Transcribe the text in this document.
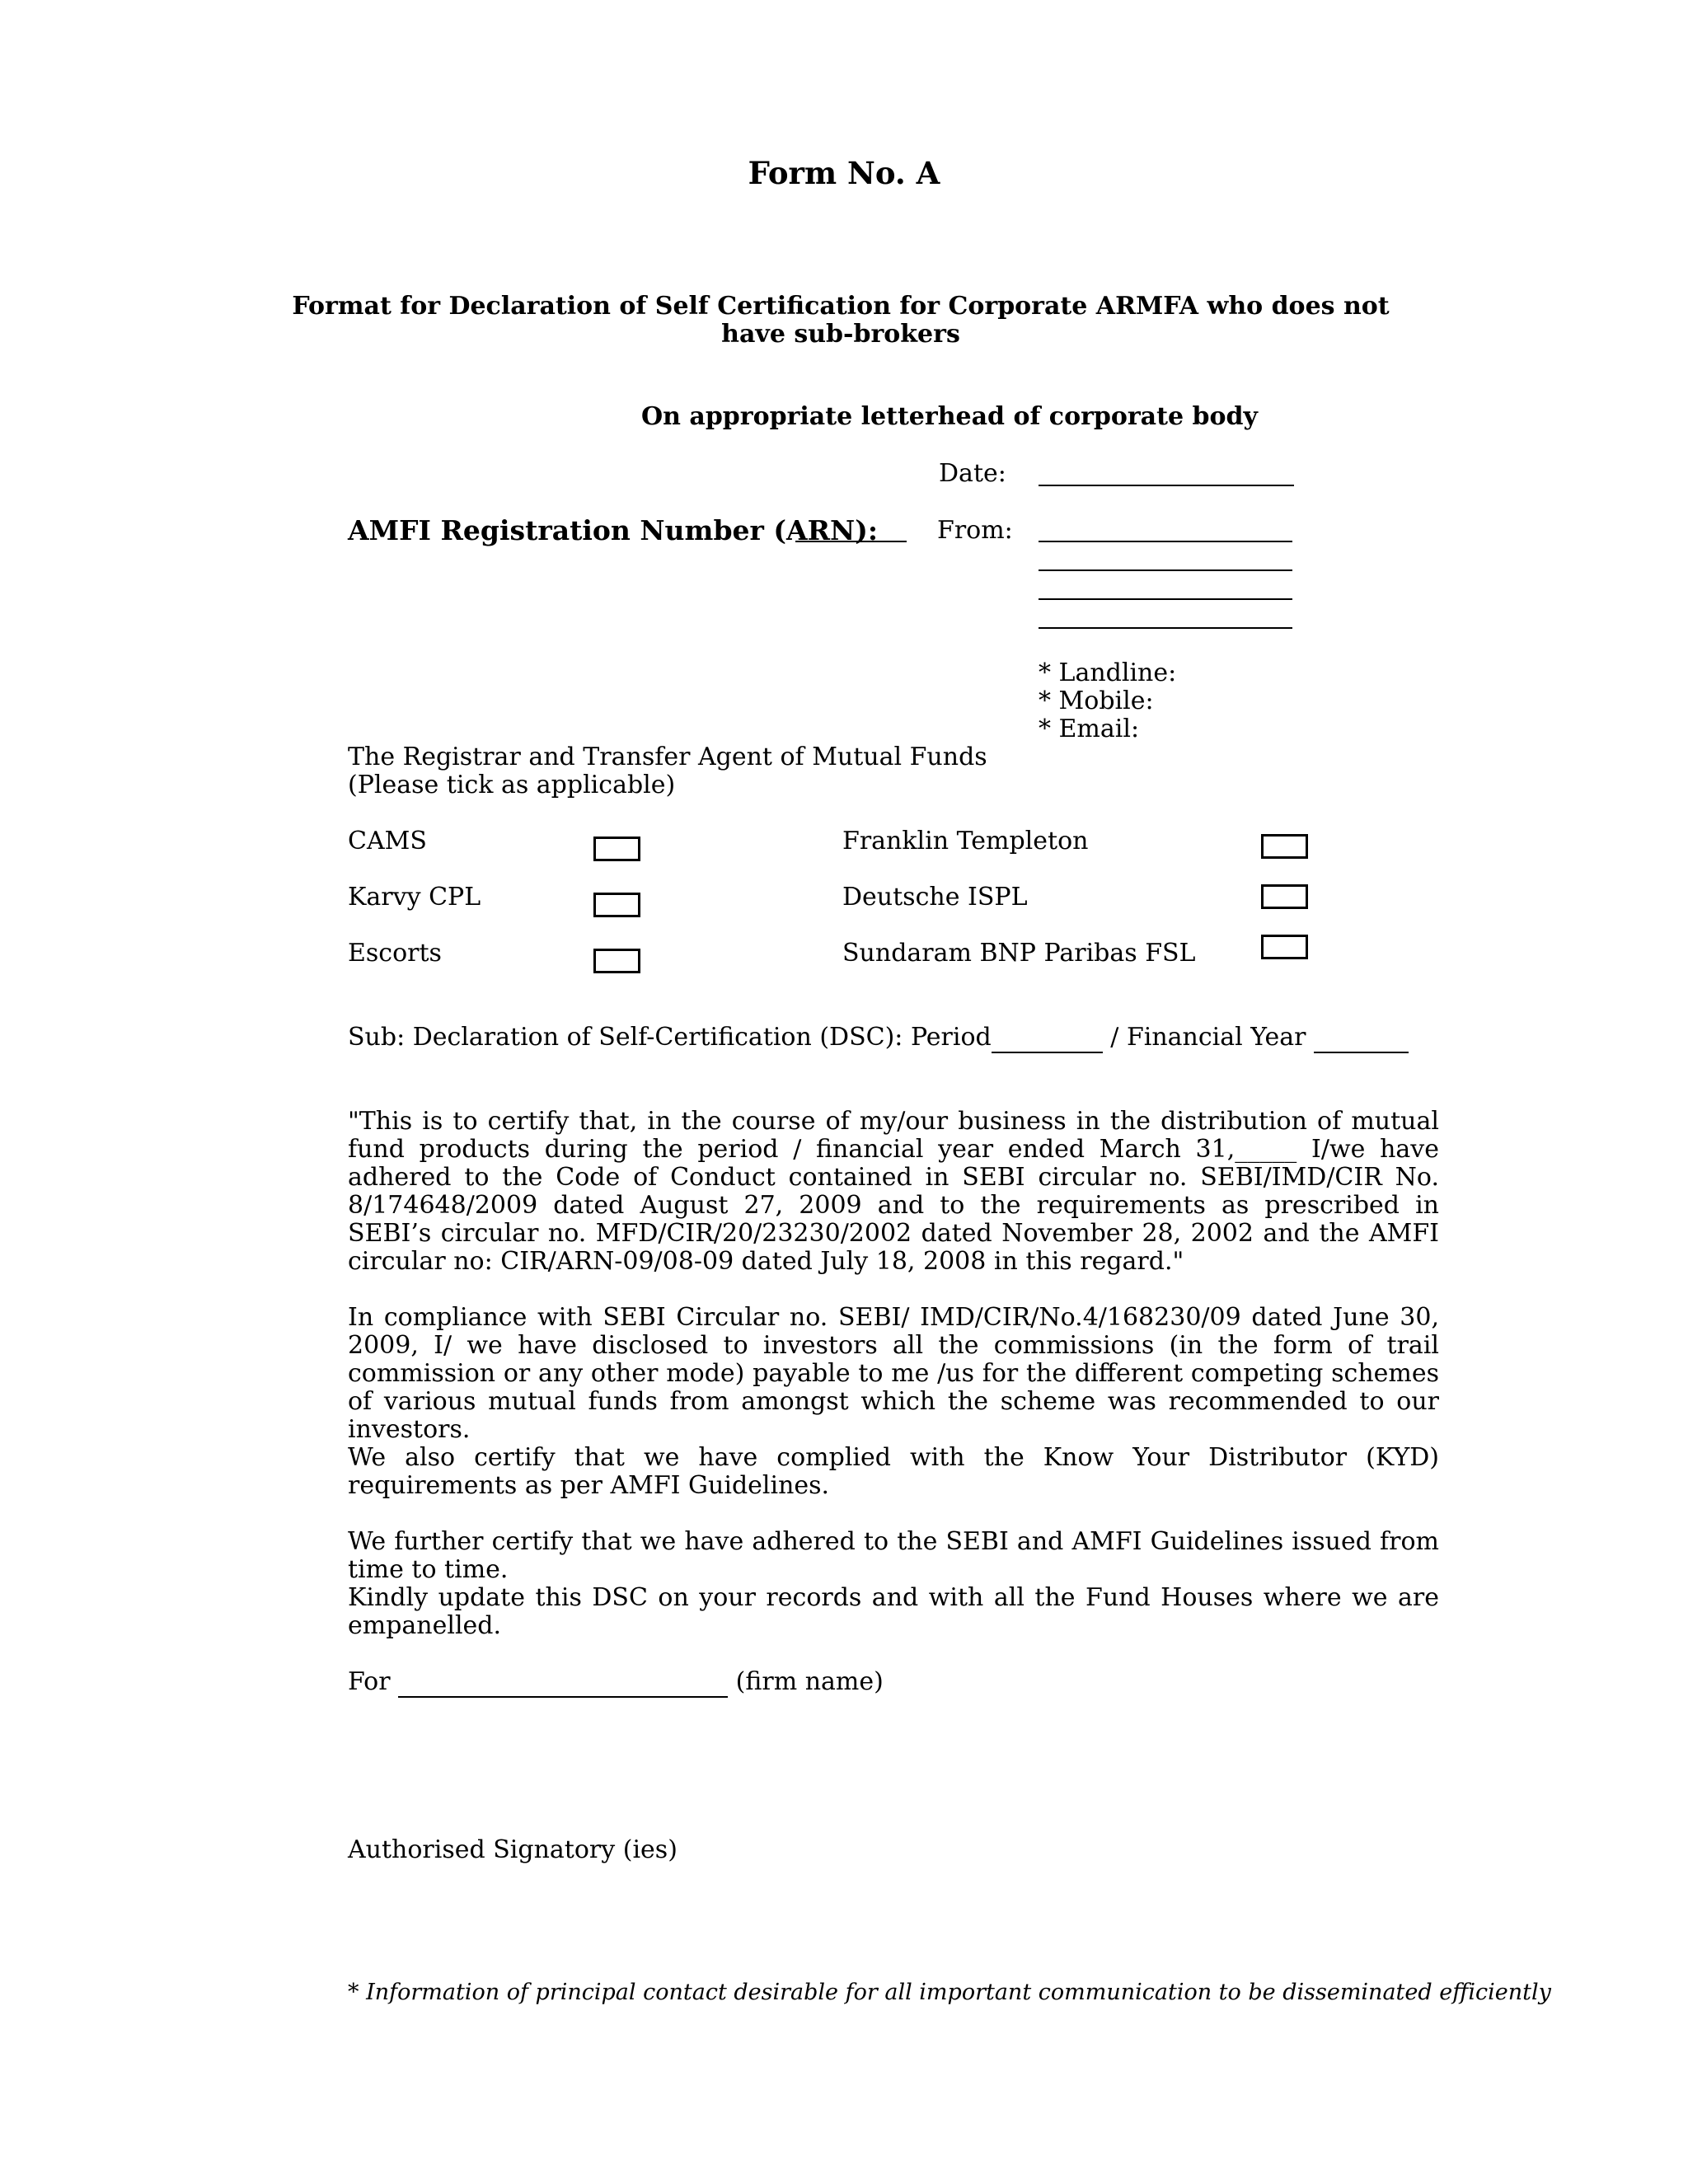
Form No. A
Format for Declaration of Self Certification for Corporate ARMFA who does not have sub-brokers
On appropriate letterhead of corporate body
Date:
AMFI Registration Number (ARN): From:
* Landline:
* Mobile:
* Email:
The Registrar and Transfer Agent of Mutual Funds
(Please tick as applicable)
CAMS
Karvy CPL
Escorts
Franklin Templeton
Deutsche ISPL
Sundaram BNP Paribas FSL
Sub: Declaration of Self-Certification (DSC): Period	/ Financial Year
"This is to certify that, in the course of my/our business in the distribution of mutual fund products during the period / financial year ended March 31,_____ I/we have adhered to the Code of Conduct contained in SEBI circular no. SEBI/IMD/CIR No. 8/174648/2009 dated August 27, 2009 and to the requirements as prescribed in SEBI’s circular no. MFD/CIR/20/23230/2002 dated November 28, 2002 and the AMFI circular no: CIR/ARN-09/08-09 dated July 18, 2008 in this regard."
In compliance with SEBI Circular no. SEBI/ IMD/CIR/No.4/168230/09 dated June 30, 2009, I/ we have disclosed to investors all the commissions (in the form of trail commission or any other mode) payable to me /us for the different competing schemes of various mutual funds from amongst which the scheme was recommended to our investors.
We also certify that we have complied with the Know Your Distributor (KYD) requirements as per AMFI Guidelines.
We further certify that we have adhered to the SEBI and AMFI Guidelines issued from time to time.
Kindly update this DSC on your records and with all the Fund Houses where we are empanelled.
For	(firm name)
Authorised Signatory (ies)
* Information of principal contact desirable for all important communication to be disseminated efficiently
